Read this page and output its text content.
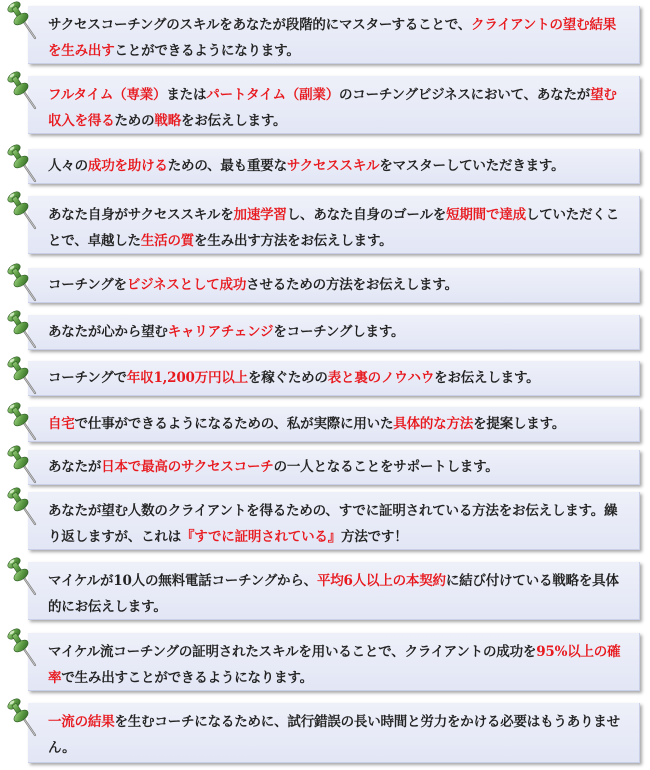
サクセスコーチングのスキルをあなたが段階的にマスターすることで、クライアントの望む結果を生み出すことができるようになります。
フルタイム（専業）またはパートタイム（副業）のコーチングビジネスにおいて、あなたが望む収入を得るための戦略をお伝えします。
人々の成功を助けるための、最も重要なサクセススキルをマスターしていただきます。
あなた自身がサクセススキルを加速学習し、あなた自身のゴールを短期間で達成していただくことで、卓越した生活の質を生み出す方法をお伝えします。
コーチングをビジネスとして成功させるための方法をお伝えします。
あなたが心から望むキャリアチェンジをコーチングします。
コーチングで年収1,200万円以上を稼ぐための表と裏のノウハウをお伝えします。
自宅で仕事ができるようになるための、私が実際に用いた具体的な方法を提案します。
あなたが日本で最高のサクセスコーチの一人となることをサポートします。
あなたが望む人数のクライアントを得るための、すでに証明されている方法をお伝えします。繰り返しますが、これは『すでに証明されている』方法です！
マイケルが10人の無料電話コーチングから、平均6人以上の本契約に結び付けている戦略を具体的にお伝えします。
マイケル流コーチングの証明されたスキルを用いることで、クライアントの成功を95%以上の確率で生み出すことができるようになります。
一流の結果を生むコーチになるために、試行錯誤の長い時間と労力をかける必要はもうありません。
